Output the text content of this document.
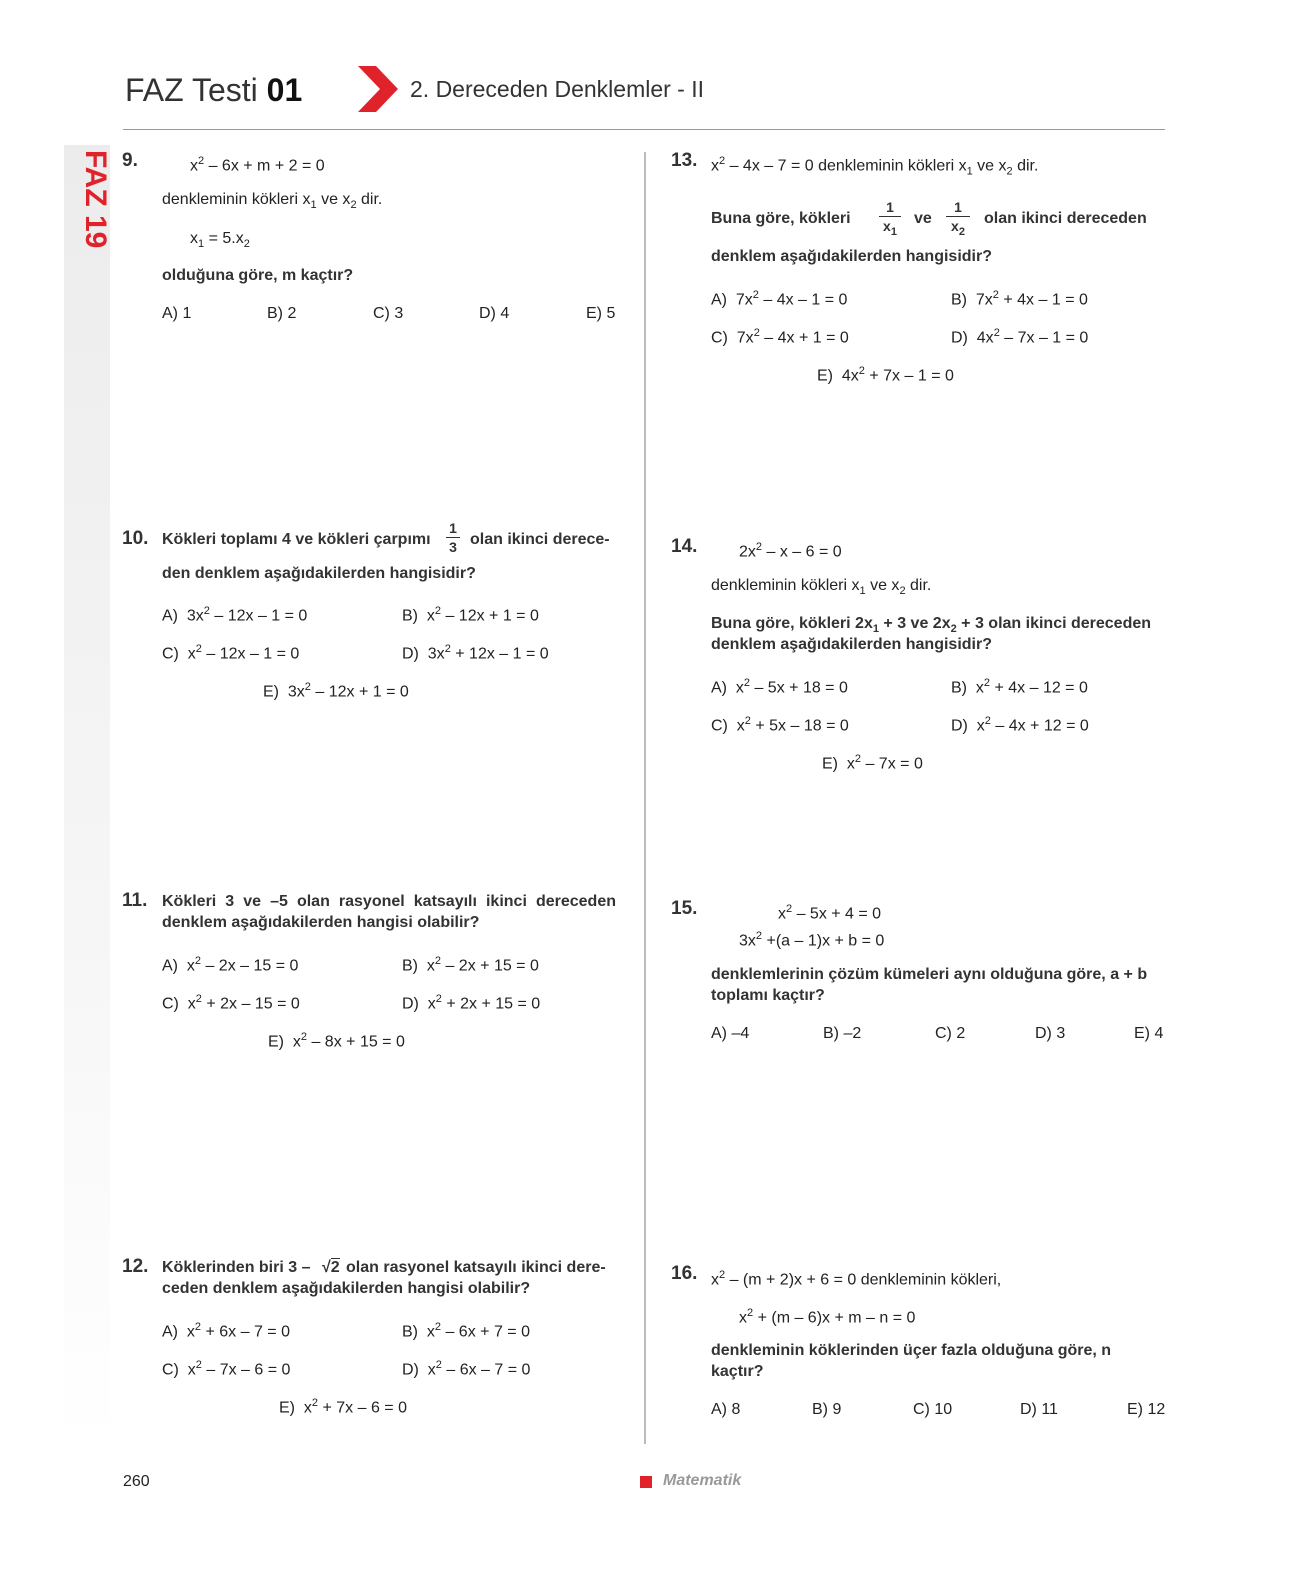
FAZ 19
FAZ Testi 01	2. Dereceden Denklemler - II
9.	$x^2 - 6x + m + 2 = 0$
denkleminin kökleri $x_1$ ve $x_2$ dir.
$x_1 = 5.x_2$
olduğuna göre, m kaçtır?
A) 1	B) 2	C) 3	D) 4	E) 5
10. Kökleri toplamı 4 ve kökleri çarpımı
1
3 olan ikinci derece-
den denklem aşağıdakilerden hangisidir?
A) $3x^2 - 12x - 1 = 0$	B) $x^2 - 12x + 1 = 0$
C) $x^2 - 12x - 1 = 0$	D) $3x^2 + 12x - 1 = 0$
E) $3x^2 - 12x + 1 = 0$
11. Kökleri 3 ve –5 olan rasyonel katsayılı ikinci dereceden
denklem aşağıdakilerden hangisi olabilir?
A) $x^2 - 2x - 15 = 0$	B) $x^2 - 2x + 15 = 0$
C) $x^2 + 2x - 15 = 0$	D) $x^2 + 2x + 15 = 0$
E) $x^2 - 8x + 15 = 0$
12. Köklerinden biri 3 – √2 olan rasyonel katsayılı ikinci dere-
ceden denklem aşağıdakilerden hangisi olabilir?
A) $x^2 + 6x - 7 = 0$	B) $x^2 - 6x + 7 = 0$
C) $x^2 - 7x - 6 = 0$	D) $x^2 - 6x - 7 = 0$
E) $x^2 + 7x - 6 = 0$
13. $x^2 - 4x - 7 = 0$ denkleminin kökleri $x_1$ ve $x_2$ dir.
Buna göre, kökleri
1
$x_1$
ve
1
$x_2$
olan ikinci dereceden
denklem aşağıdakilerden hangisidir?
A) $7x^2 - 4x - 1 = 0$	B) $7x^2 + 4x - 1 = 0$
C) $7x^2 - 4x + 1 = 0$	D) $4x^2 - 7x - 1 = 0$
E) $4x^2 + 7x - 1 = 0$
14.	$2x^2 - x - 6 = 0$
denkleminin kökleri $x_1$ ve $x_2$ dir.
Buna göre, kökleri $2x_1 + 3$ ve $2x_2 + 3$ olan ikinci dereceden
denklem aşağıdakilerden hangisidir?
A) $x^2 - 5x + 18 = 0$	B) $x^2 + 4x - 12 = 0$
C) $x^2 + 5x - 18 = 0$	D) $x^2 - 4x + 12 = 0$
E) $x^2 - 7x = 0$
15.	$x^2 - 5x + 4 = 0$
$3x^2 +(a - 1)x + b = 0$
denklemlerinin çözüm kümeleri aynı olduğuna göre, a + b
toplamı kaçtır?
A) –4	B) –2	C) 2	D) 3	E) 4
16. $x^2 - (m + 2)x + 6 = 0$ denkleminin kökleri,
$x^2 + (m - 6)x + m - n = 0$
denkleminin köklerinden üçer fazla olduğuna göre, n
kaçtır?
A) 8	B) 9	C) 10	D) 11	E) 12
260	Matematik
